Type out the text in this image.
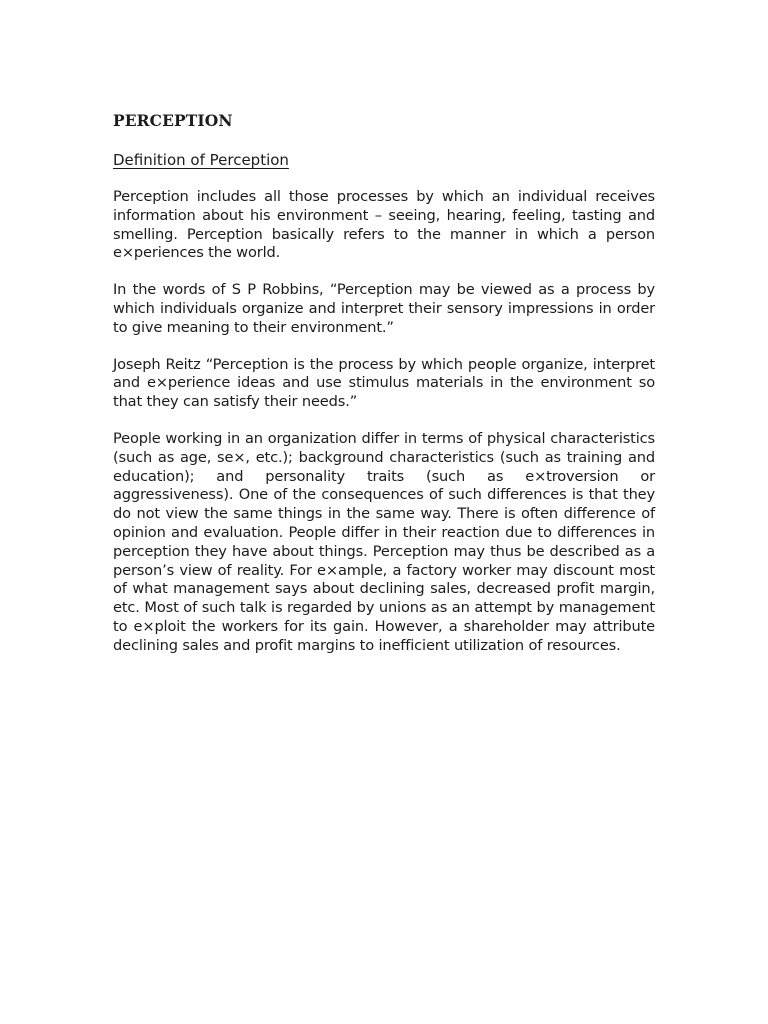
PERCEPTION
Definition of Perception

Perception includes all those processes by which an individual receives information about his environment – seeing, hearing, feeling, tasting and smelling. Perception basically refers to the manner in which a person e×periences the world.

In the words of S P Robbins, “Perception may be viewed as a process by which individuals organize and interpret their sensory impressions in order to give meaning to their environment.”

Joseph Reitz “Perception is the process by which people organize, interpret and e×perience ideas and use stimulus materials in the environment so that they can satisfy their needs.”

People working in an organization differ in terms of physical characteristics (such as age, se×, etc.); background characteristics (such as training and education); and personality traits (such as e×troversion or aggressiveness). One of the consequences of such differences is that they do not view the same things in the same way. There is often difference of opinion and evaluation. People differ in their reaction due to differences in perception they have about things. Perception may thus be described as a person’s view of reality. For e×ample, a factory worker may discount most of what management says about declining sales, decreased profit margin, etc. Most of such talk is regarded by unions as an attempt by management to e×ploit the workers for its gain. However, a shareholder may attribute declining sales and profit margins to inefficient utilization of resources.
